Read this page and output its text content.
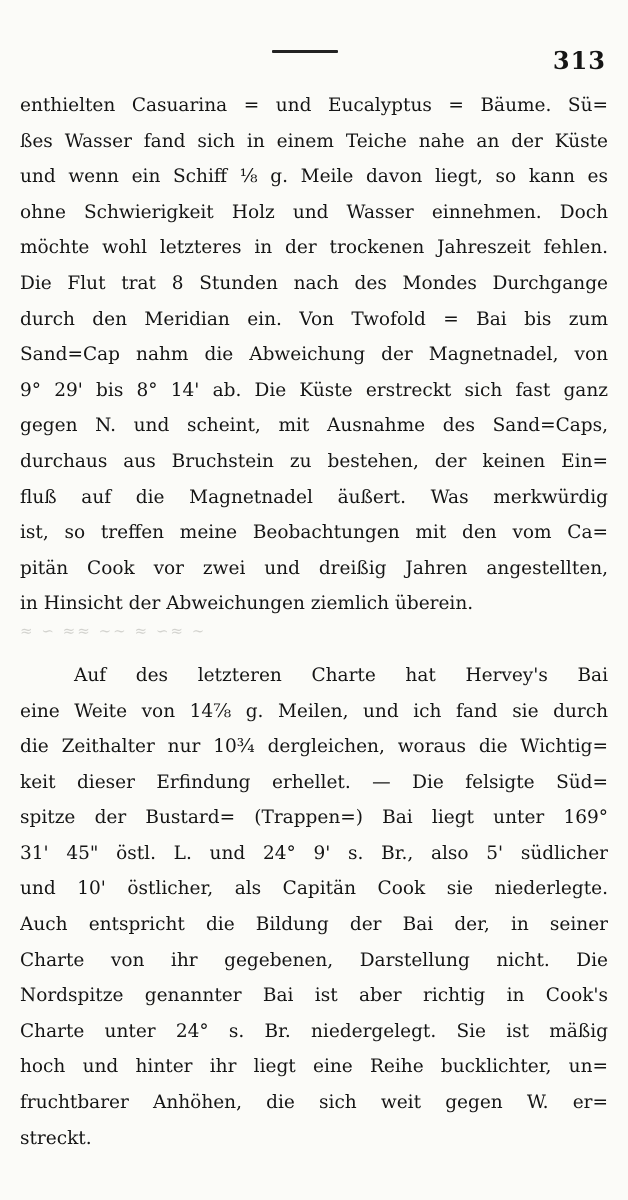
313
≈ ∽ ≈≈ ∼∼ ≈ ∽≈ ∼
enthielten Casuarina = und Eucalyptus = Bäume. Sü=
ßes Wasser fand sich in einem Teiche nahe an der Küste
und wenn ein Schiff ⅛ g. Meile davon liegt, so kann es
ohne Schwierigkeit Holz und Wasser einnehmen. Doch
möchte wohl letzteres in der trockenen Jahreszeit fehlen.
Die Flut trat 8 Stunden nach des Mondes Durchgange
durch den Meridian ein. Von Twofold = Bai bis zum
Sand=Cap nahm die Abweichung der Magnetnadel, von
9° 29' bis 8° 14' ab. Die Küste erstreckt sich fast ganz
gegen N. und scheint, mit Ausnahme des Sand=Caps,
durchaus aus Bruchstein zu bestehen, der keinen Ein=
fluß auf die Magnetnadel äußert. Was merkwürdig
ist, so treffen meine Beobachtungen mit den vom Ca=
pitän Cook vor zwei und dreißig Jahren angestellten,
in Hinsicht der Abweichungen ziemlich überein.
Auf des letzteren Charte hat Hervey's Bai
eine Weite von 14⅞ g. Meilen, und ich fand sie durch
die Zeithalter nur 10¾ dergleichen, woraus die Wichtig=
keit dieser Erfindung erhellet. — Die felsigte Süd=
spitze der Bustard= (Trappen=) Bai liegt unter 169°
31' 45" östl. L. und 24° 9' s. Br., also 5' südlicher
und 10' östlicher, als Capitän Cook sie niederlegte.
Auch entspricht die Bildung der Bai der, in seiner
Charte von ihr gegebenen, Darstellung nicht. Die
Nordspitze genannter Bai ist aber richtig in Cook's
Charte unter 24° s. Br. niedergelegt. Sie ist mäßig
hoch und hinter ihr liegt eine Reihe bucklichter, un=
fruchtbarer Anhöhen, die sich weit gegen W. er=
streckt.
